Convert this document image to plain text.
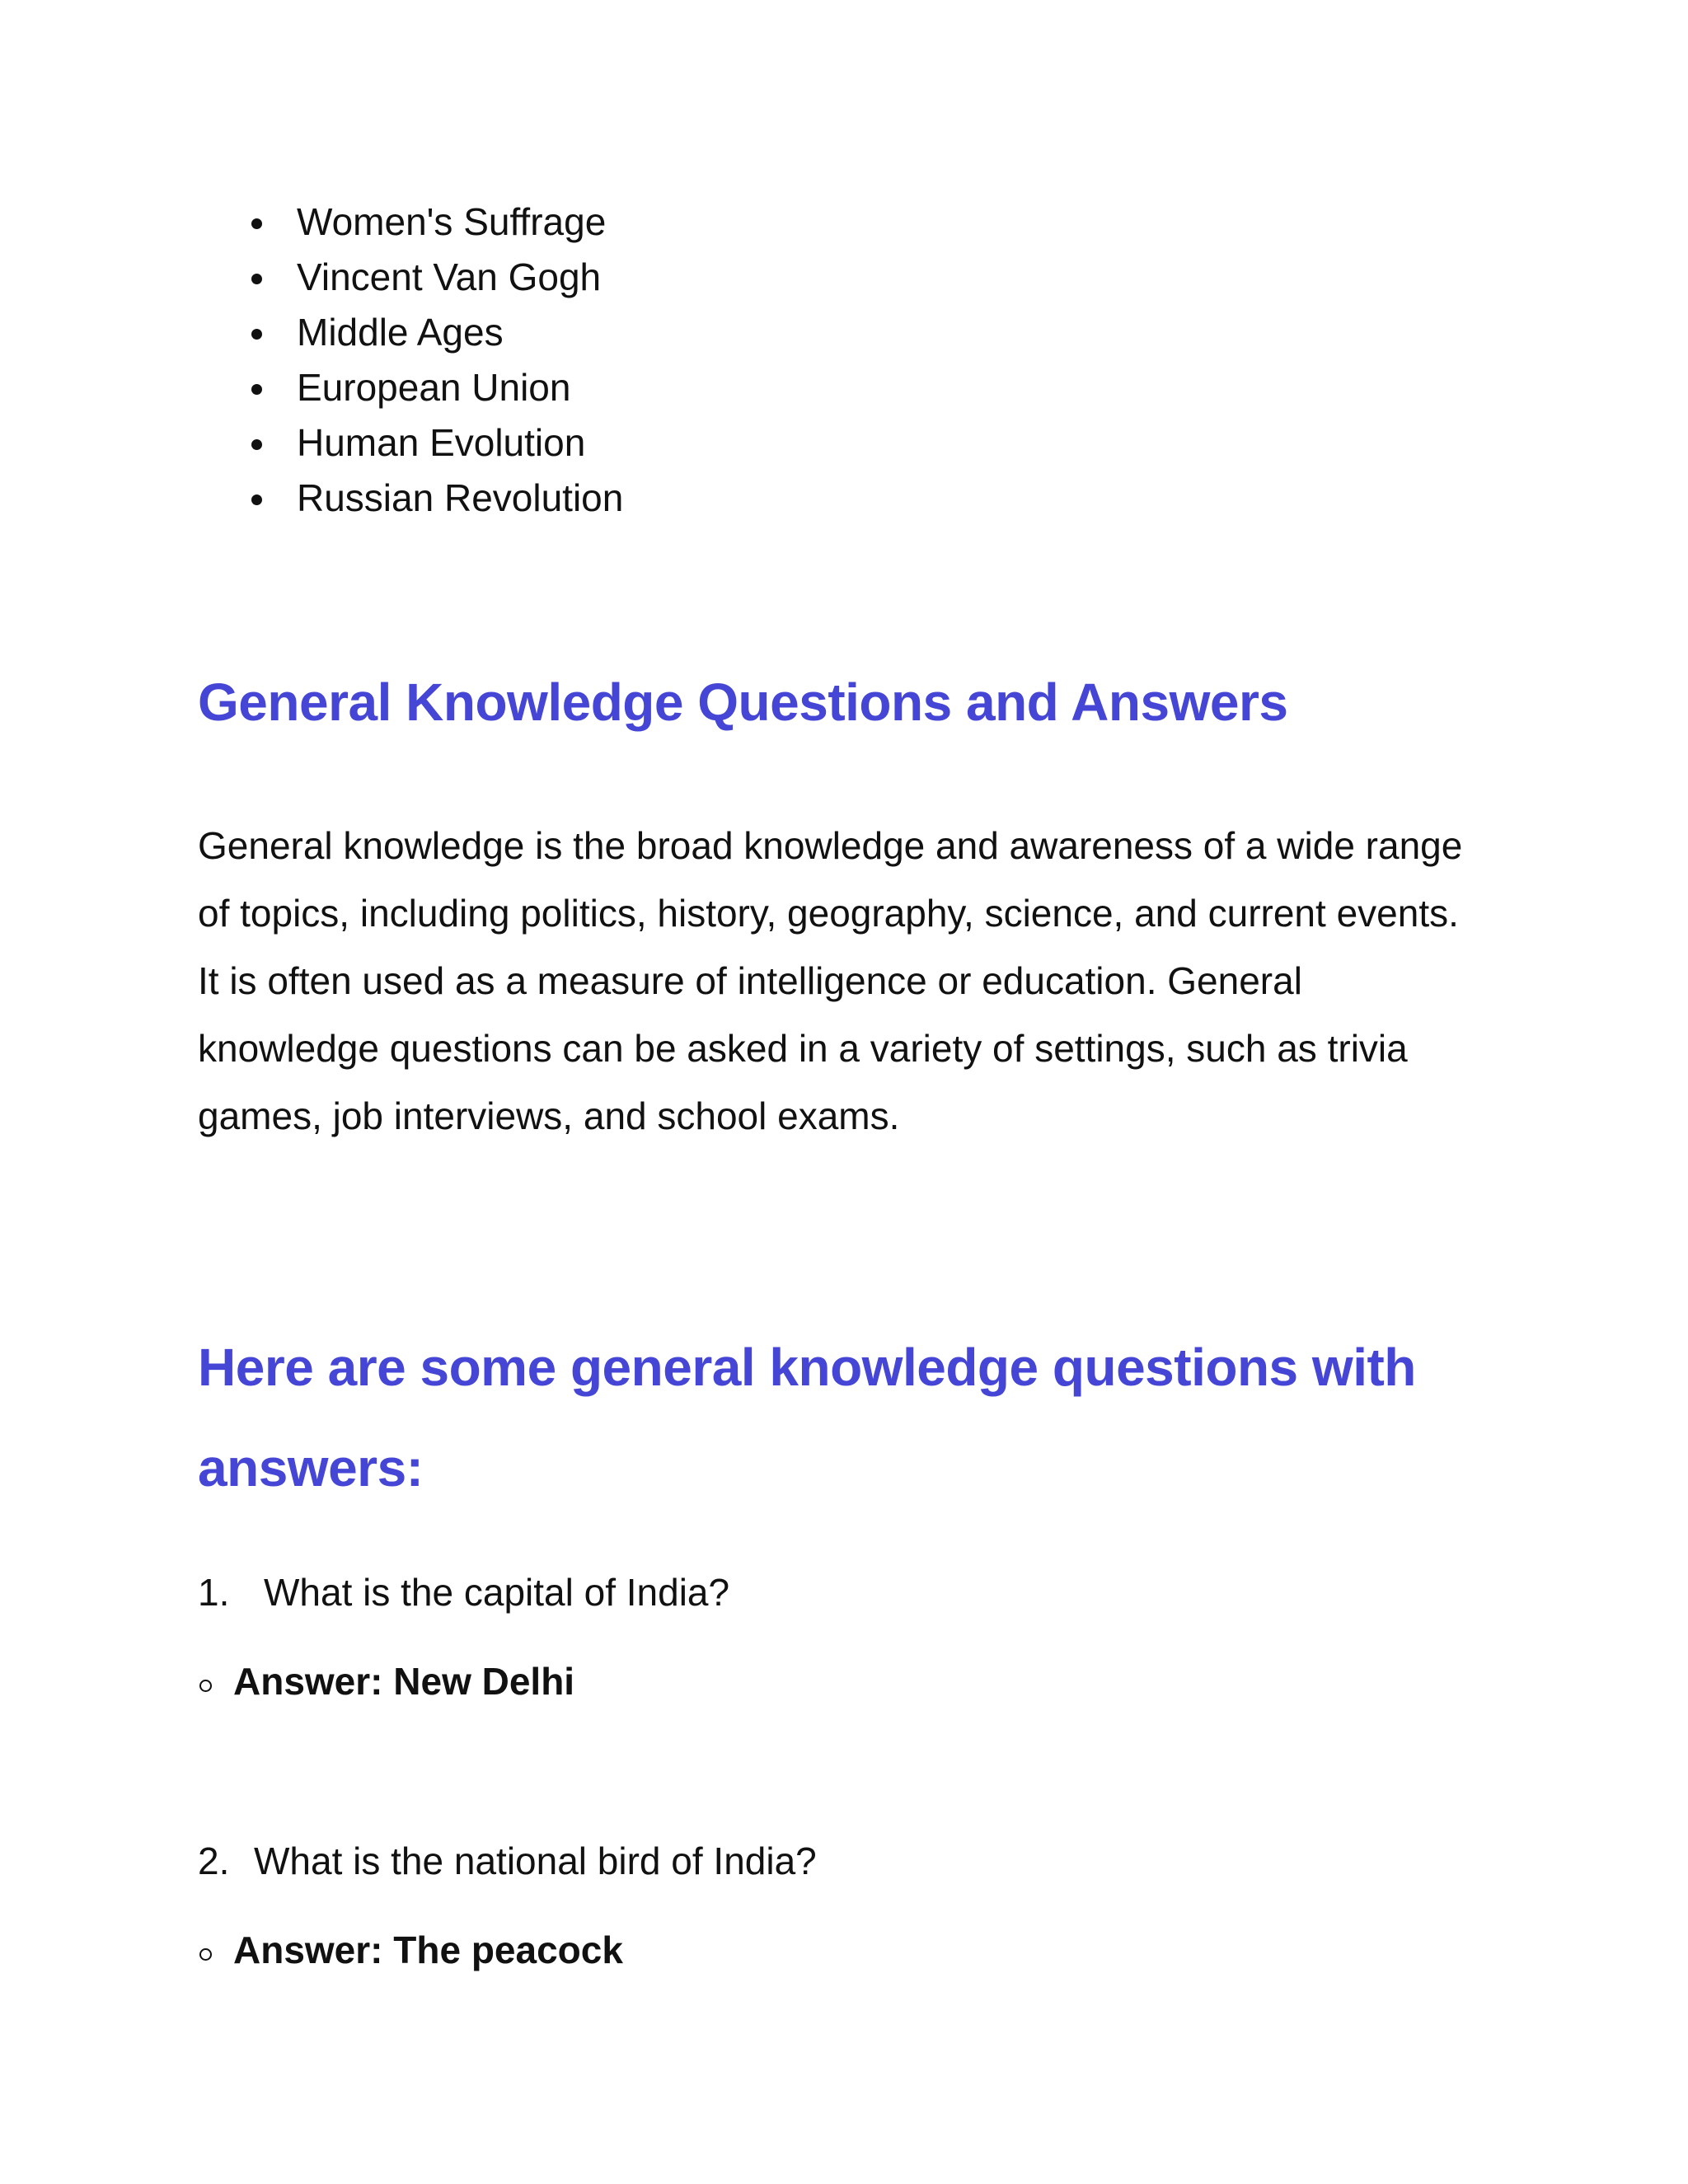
Women's Suffrage
Vincent Van Gogh
Middle Ages
European Union
Human Evolution
Russian Revolution
General Knowledge Questions and Answers

General knowledge is the broad knowledge and awareness of a wide range
of topics, including politics, history, geography, science, and current events.
It is often used as a measure of intelligence or education. General
knowledge questions can be asked in a variety of settings, such as trivia
games, job interviews, and school exams.

Here are some general knowledge questions with
answers:
1. What is the capital of India?
Answer: New Delhi
2. What is the national bird of India?
Answer: The peacock
